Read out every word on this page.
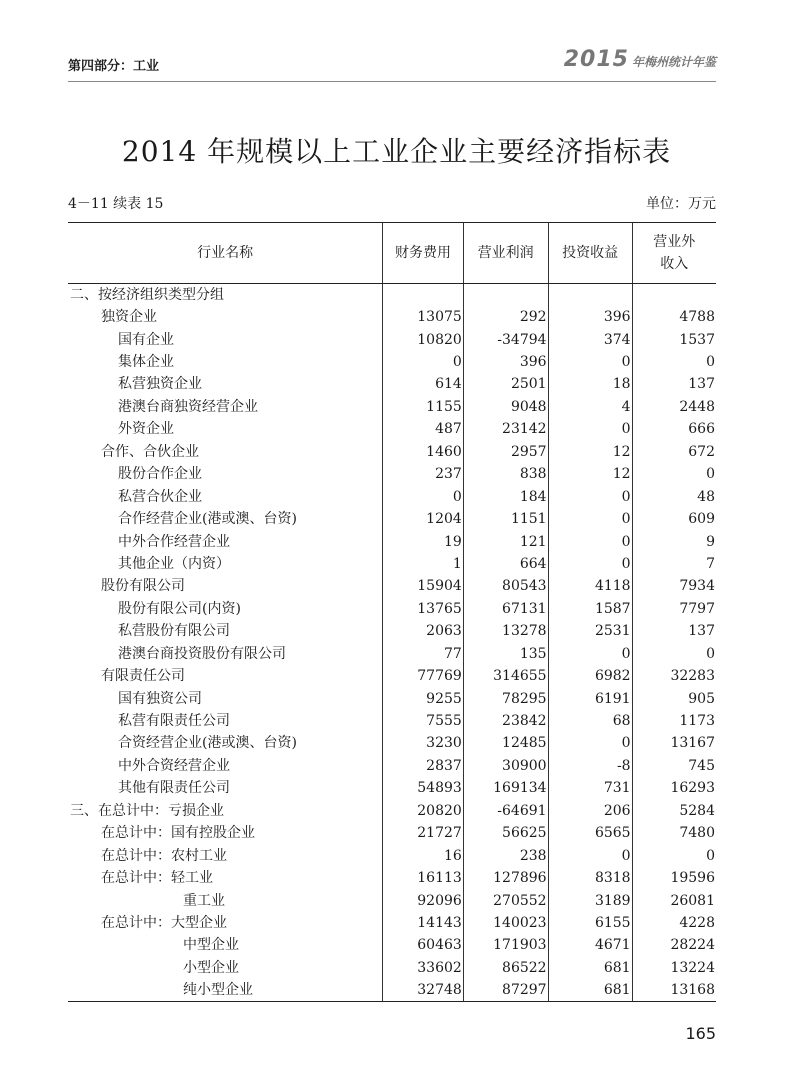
第四部分：工业	2015 年梅州统计年鉴
2014 年规模以上工业企业主要经济指标表
4－11 续表 15	单位：万元
行业名称	财务费用	营业利润	投资收益	营业外
收入
二、按经济组织类型分组				
独资企业	13075	292	396	4788
国有企业	10820	-34794	374	1537
集体企业	0	396	0	0
私营独资企业	614	2501	18	137
港澳台商独资经营企业	1155	9048	4	2448
外资企业	487	23142	0	666
合作、合伙企业	1460	2957	12	672
股份合作企业	237	838	12	0
私营合伙企业	0	184	0	48
合作经营企业(港或澳、台资)	1204	1151	0	609
中外合作经营企业	19	121	0	9
其他企业（内资）	1	664	0	7
股份有限公司	15904	80543	4118	7934
股份有限公司(内资)	13765	67131	1587	7797
私营股份有限公司	2063	13278	2531	137
港澳台商投资股份有限公司	77	135	0	0
有限责任公司	77769	314655	6982	32283
国有独资公司	9255	78295	6191	905
私营有限责任公司	7555	23842	68	1173
合资经营企业(港或澳、台资)	3230	12485	0	13167
中外合资经营企业	2837	30900	-8	745
其他有限责任公司	54893	169134	731	16293
三、在总计中：亏损企业	20820	-64691	206	5284
在总计中：国有控股企业	21727	56625	6565	7480
在总计中：农村工业	16	238	0	0
在总计中：轻工业	16113	127896	8318	19596
重工业	92096	270552	3189	26081
在总计中：大型企业	14143	140023	6155	4228
中型企业	60463	171903	4671	28224
小型企业	33602	86522	681	13224
纯小型企业	32748	87297	681	13168
165
